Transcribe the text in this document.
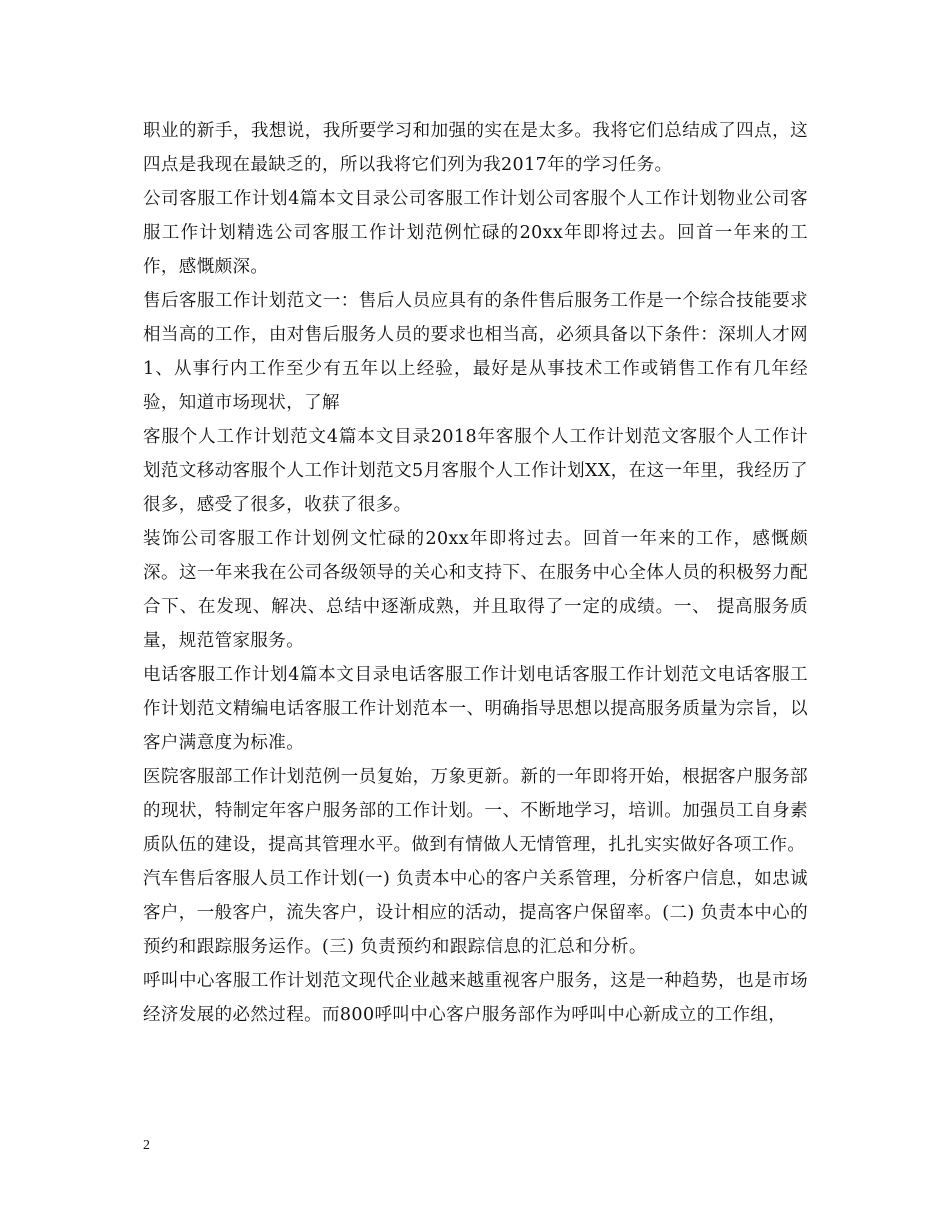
职业的新手，我想说，我所要学习和加强的实在是太多。我将它们总结成了四点，这四点是我现在最缺乏的，所以我将它们列为我2017年的学习任务。

公司客服工作计划4篇本文目录公司客服工作计划公司客服个人工作计划物业公司客服工作计划精选公司客服工作计划范例忙碌的20xx年即将过去。回首一年来的工作，感慨颇深。

售后客服工作计划范文一：售后人员应具有的条件售后服务工作是一个综合技能要求相当高的工作，由对售后服务人员的要求也相当高，必须具备以下条件：深圳人才网1、从事行内工作至少有五年以上经验，最好是从事技术工作或销售工作有几年经验，知道市场现状，了解

客服个人工作计划范文4篇本文目录2018年客服个人工作计划范文客服个人工作计划范文移动客服个人工作计划范文5月客服个人工作计划XX，在这一年里，我经历了很多，感受了很多，收获了很多。

装饰公司客服工作计划例文忙碌的20xx年即将过去。回首一年来的工作，感慨颇深。这一年来我在公司各级领导的关心和支持下、在服务中心全体人员的积极努力配合下、在发现、解决、总结中逐渐成熟，并且取得了一定的成绩。一、 提高服务质量，规范管家服务。

电话客服工作计划4篇本文目录电话客服工作计划电话客服工作计划范文电话客服工作计划范文精编电话客服工作计划范本一、明确指导思想以提高服务质量为宗旨，以客户满意度为标准。

医院客服部工作计划范例一员复始，万象更新。新的一年即将开始，根据客户服务部的现状，特制定年客户服务部的工作计划。一、不断地学习，培训。加强员工自身素质队伍的建设，提高其管理水平。做到有情做人无情管理，扎扎实实做好各项工作。

汽车售后客服人员工作计划(一) 负责本中心的客户关系管理，分析客户信息，如忠诚客户，一般客户，流失客户，设计相应的活动，提高客户保留率。(二) 负责本中心的预约和跟踪服务运作。(三) 负责预约和跟踪信息的汇总和分析。

呼叫中心客服工作计划范文现代企业越来越重视客户服务，这是一种趋势，也是市场经济发展的必然过程。而800呼叫中心客户服务部作为呼叫中心新成立的工作组，

2
